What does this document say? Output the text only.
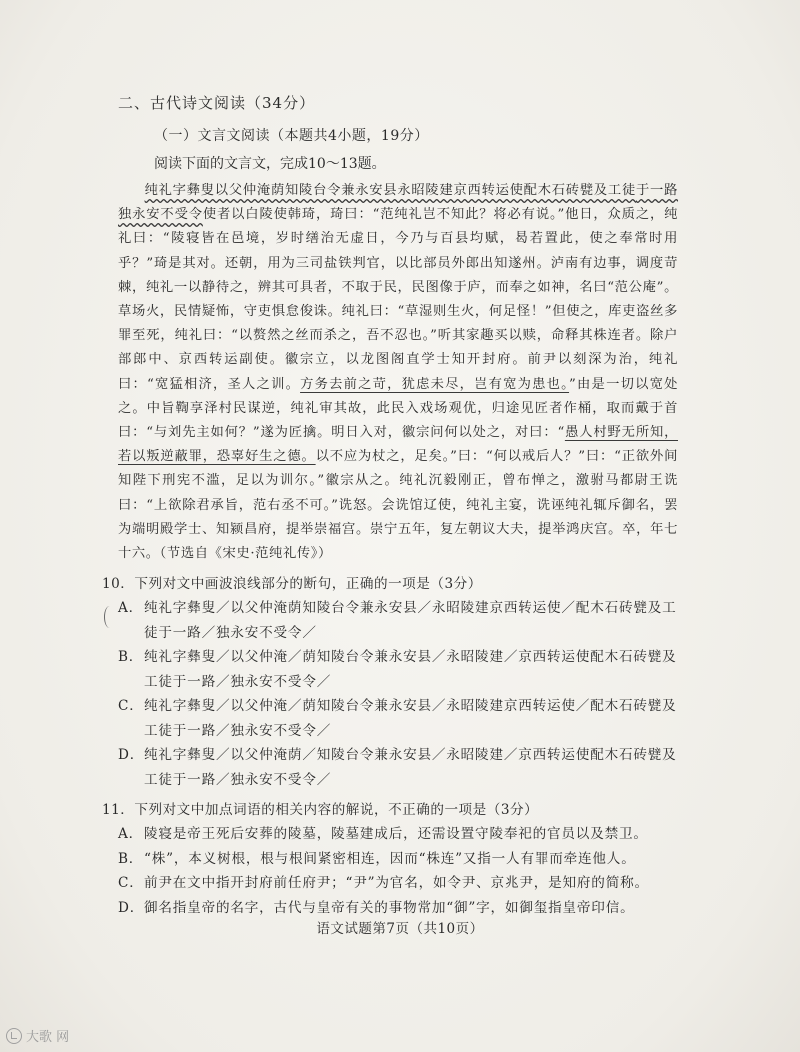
二、古代诗文阅读（34分）
（一）文言文阅读（本题共4小题，19分）
阅读下面的文言文，完成10～13题。

纯礼字彝叟以父仲淹荫知陵台令兼永安县永昭陵建京西转运使配木石砖甓及工徒于一路独永安不受令使者以白陵使韩琦，琦曰：“范纯礼岂不知此？将必有说。”他日，众质之，纯礼曰：“陵寝皆在邑境，岁时缮治无虚日，今乃与百县均赋，曷若置此，使之奉常时用乎？”琦是其对。还朝，用为三司盐铁判官，以比部员外郎出知遂州。泸南有边事，调度苛棘，纯礼一以静待之，辨其可具者，不取于民，民图像于庐，而奉之如神，名曰“范公庵”。草场火，民情疑怖，守吏惧怠俊诛。纯礼曰：“草湿则生火，何足怪！”但使之，库吏盗丝多罪至死，纯礼曰：“以赘然之丝而杀之，吾不忍也。”听其家趣买以赎，命释其株连者。除户部郎中、京西转运副使。徽宗立，以龙图阁直学士知开封府。前尹以刻深为治，纯礼曰：“宽猛相济，圣人之训。方务去前之苛，犹虑未尽，岂有宽为患也。”由是一切以宽处之。中旨鞫享泽村民谋逆，纯礼审其故，此民入戏场观优，归途见匠者作桶，取而戴于首曰：“与刘先主如何？”遂为匠擒。明日入对，徽宗问何以处之，对曰：“愚人村野无所知，若以叛逆蔽罪，恐辜好生之德。以不应为杖之，足矣。”曰：“何以戒后人？”曰：“正欲外间知陛下刑宪不滥，足以为训尔。”徽宗从之。纯礼沉毅刚正，曾布惮之，激驸马都尉王诜曰：“上欲除君承旨，范右丞不可。”诜怒。会诜馆辽使，纯礼主宴，诜诬纯礼辄斥御名，罢为端明殿学士、知颍昌府，提举崇福宫。崇宁五年，复左朝议大夫，提举鸿庆宫。卒，年七十六。（节选自《宋史·范纯礼传》）

10．下列对文中画波浪线部分的断句，正确的一项是（3分）
A． 纯礼字彝叟／以父仲淹荫知陵台令兼永安县／永昭陵建京西转运使／配木石砖甓及工徒于一路／独永安不受令／
B． 纯礼字彝叟／以父仲淹／荫知陵台令兼永安县／永昭陵建／京西转运使配木石砖甓及工徒于一路／独永安不受令／
C． 纯礼字彝叟／以父仲淹／荫知陵台令兼永安县／永昭陵建京西转运使／配木石砖甓及工徒于一路／独永安不受令／
D． 纯礼字彝叟／以父仲淹荫／知陵台令兼永安县／永昭陵建／京西转运使配木石砖甓及工徒于一路／独永安不受令／
11．下列对文中加点词语的相关内容的解说，不正确的一项是（3分）
A． 陵寝是帝王死后安葬的陵墓，陵墓建成后，还需设置守陵奉祀的官员以及禁卫。
B． “株”，本义树根，根与根间紧密相连，因而“株连”又指一人有罪而牵连他人。
C． 前尹在文中指开封府前任府尹；“尹”为官名，如令尹、京兆尹，是知府的简称。
D． 御名指皇帝的名字，古代与皇帝有关的事物常加“御”字，如御玺指皇帝印信。
语文试题第7页（共10页）
大歌 网
